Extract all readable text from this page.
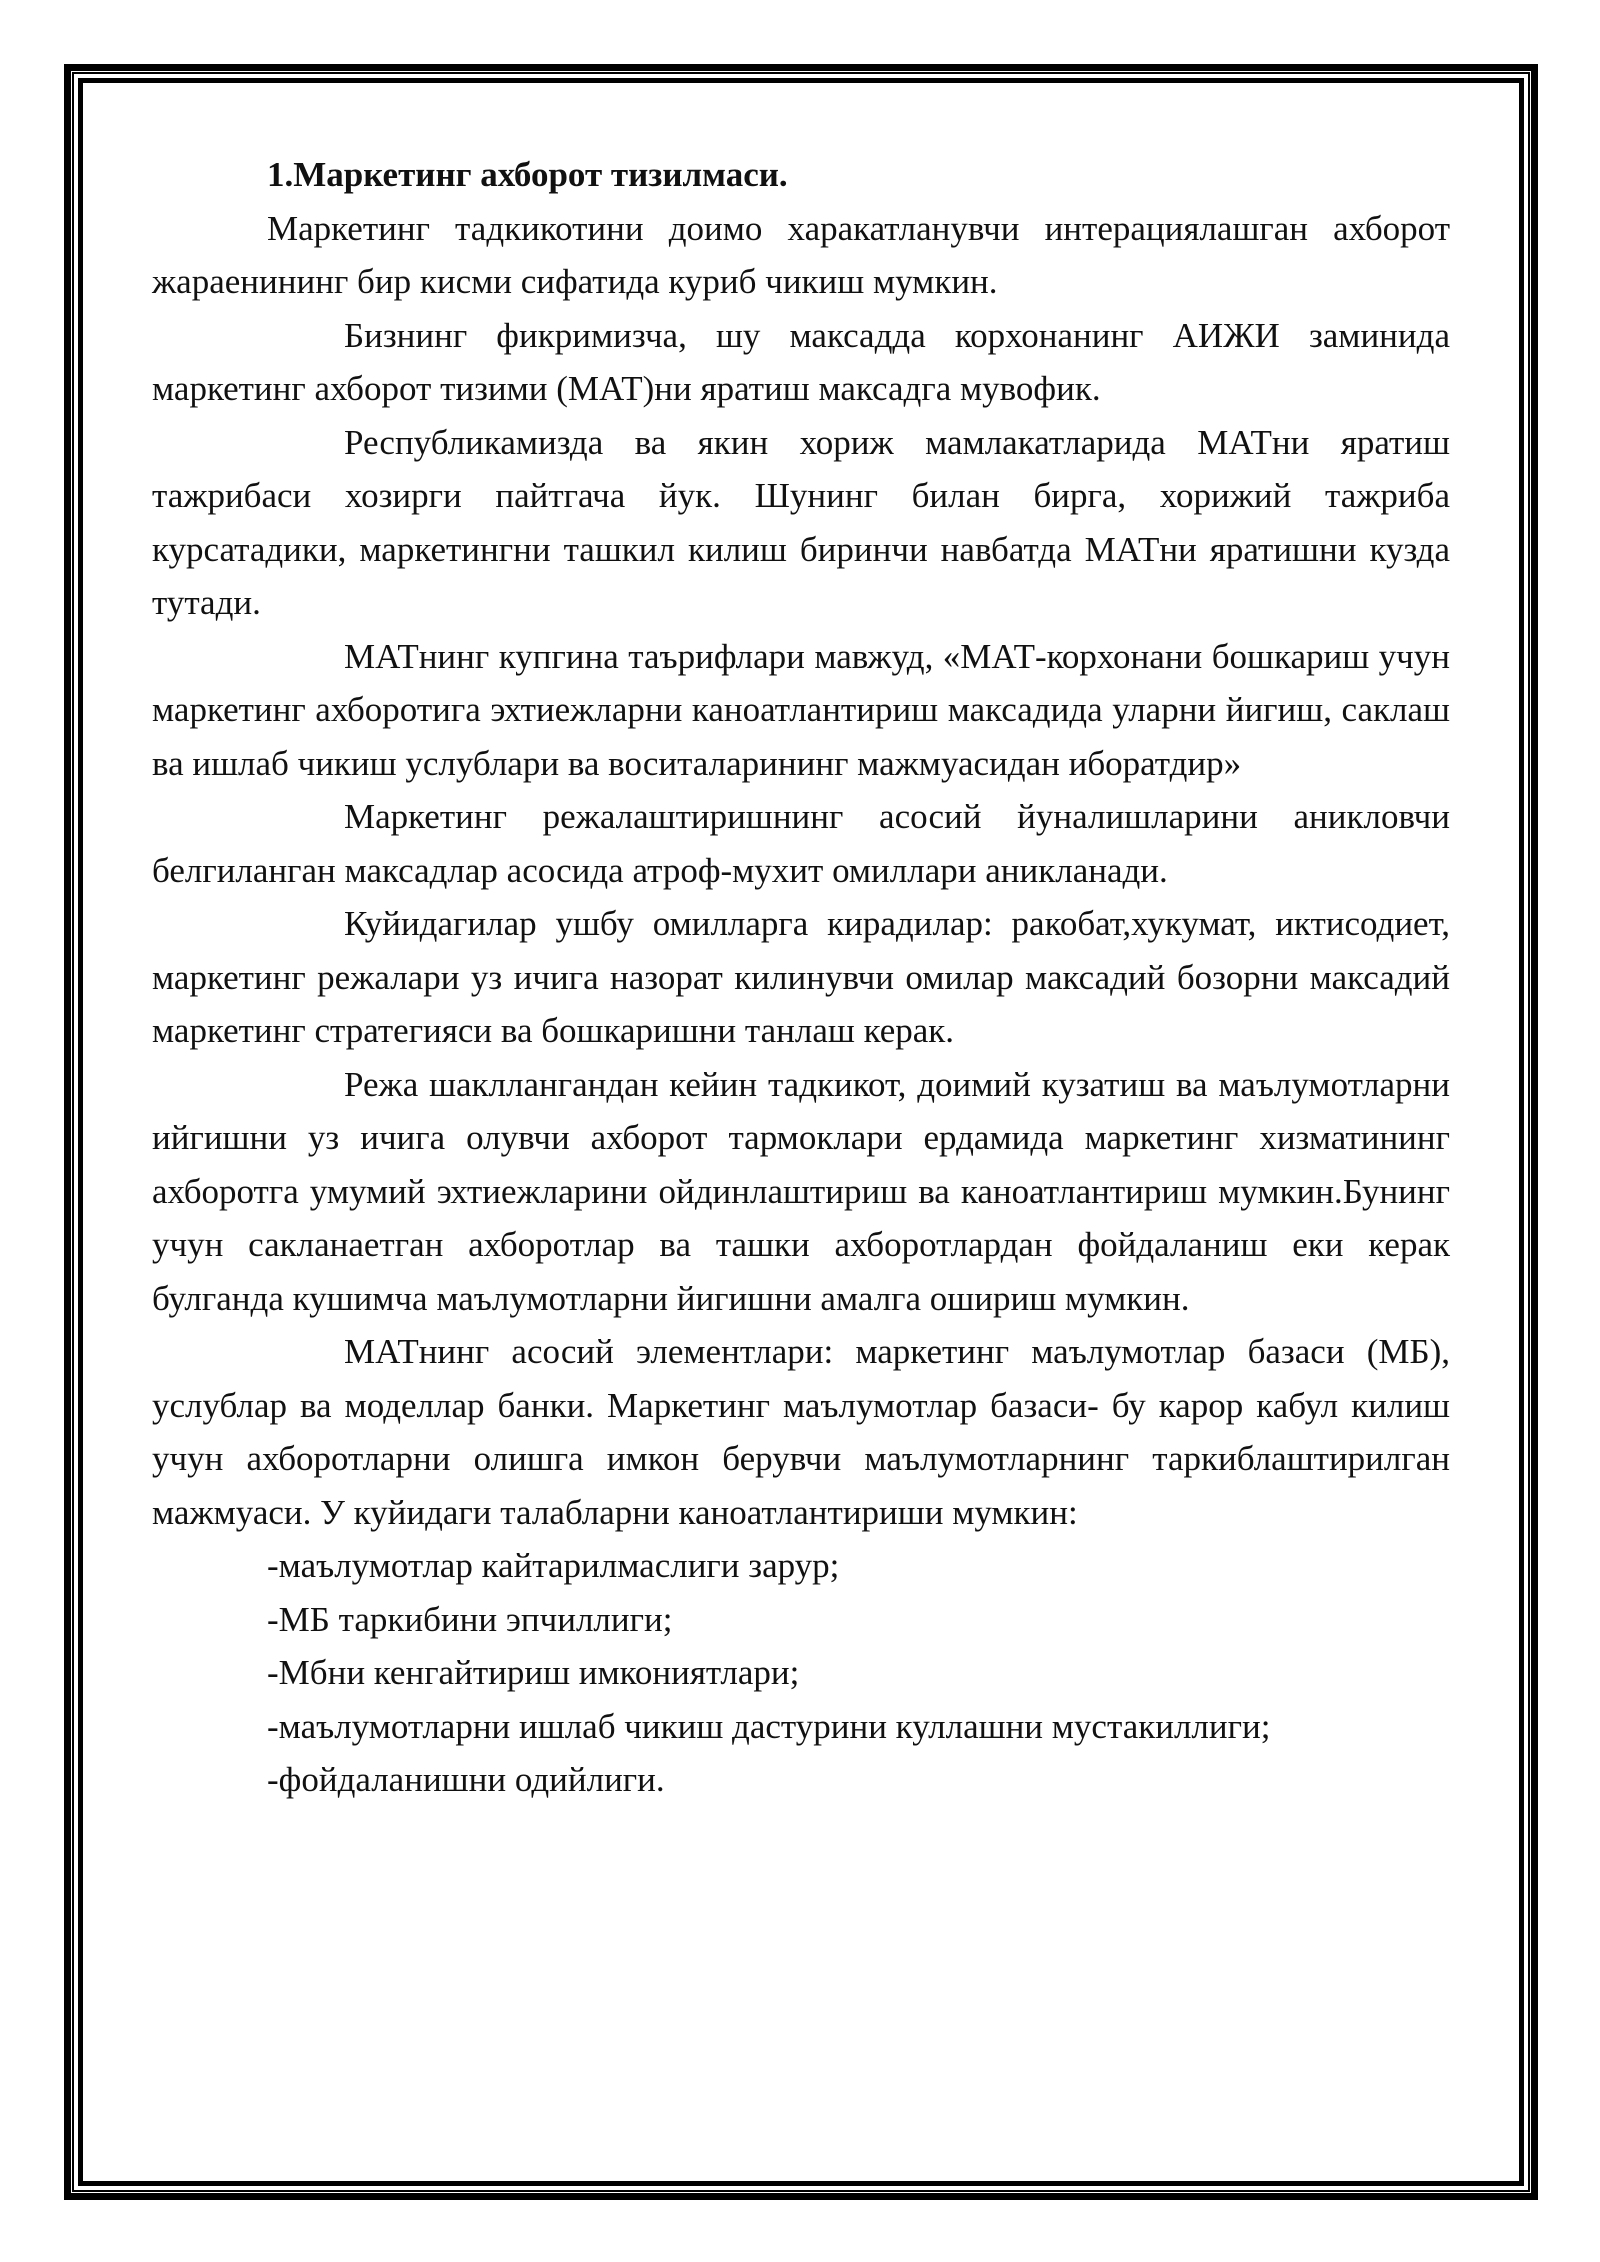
1.Маркетинг ахборот тизилмаси.

Маркетинг тадкикотини доимо харакатланувчи интерациялашган ахборот жараенининг бир кисми сифатида куриб чикиш мумкин.

Бизнинг фикримизча, шу максадда корхонанинг АИЖИ заминида маркетинг ахборот тизими (МАТ)ни яратиш максадга мувофик.

Республикамизда ва якин хориж мамлакатларида МАТни яратиш тажрибаси хозирги пайтгача йук. Шунинг билан бирга, хорижий тажриба курсатадики, маркетингни ташкил килиш биринчи навбатда МАТни яратишни кузда тутади.

МАТнинг купгина таърифлари мавжуд, «МАТ-корхонани бошкариш учун маркетинг ахборотига эхтиежларни каноатлантириш максадида уларни йигиш, саклаш ва ишлаб чикиш услублари ва воситаларининг мажмуасидан иборатдир»

Маркетинг режалаштиришнинг асосий йуналишларини аникловчи белгиланган максадлар асосида атроф-мухит омиллари аникланади.

Куйидагилар ушбу омилларга кирадилар: ракобат,хукумат, иктисодиет, маркетинг режалари уз ичига назорат килинувчи омилар максадий бозорни максадий маркетинг стратегияси ва бошкаришни танлаш керак.

Режа шакллангандан кейин тадкикот, доимий кузатиш ва маълумотларни ийгишни уз ичига олувчи ахборот тармоклари ердамида маркетинг хизматининг ахборотга умумий эхтиежларини ойдинлаштириш ва каноатлантириш мумкин.Бунинг учун сакланаетган ахборотлар ва ташки ахборотлардан фойдаланиш еки керак булганда кушимча маълумотларни йигишни амалга ошириш мумкин.

МАТнинг асосий элементлари: маркетинг маълумотлар базаси (МБ), услублар ва моделлар банки. Маркетинг маълумотлар базаси- бу карор кабул килиш учун ахборотларни олишга имкон берувчи маълумотларнинг таркиблаштирилган мажмуаси. У куйидаги талабларни каноатлантириши мумкин:

-маълумотлар кайтарилмаслиги зарур;

-МБ таркибини эпчиллиги;

-Мбни кенгайтириш имкониятлари;

-маълумотларни ишлаб чикиш дастурини куллашни мустакиллиги;

-фойдаланишни одийлиги.
